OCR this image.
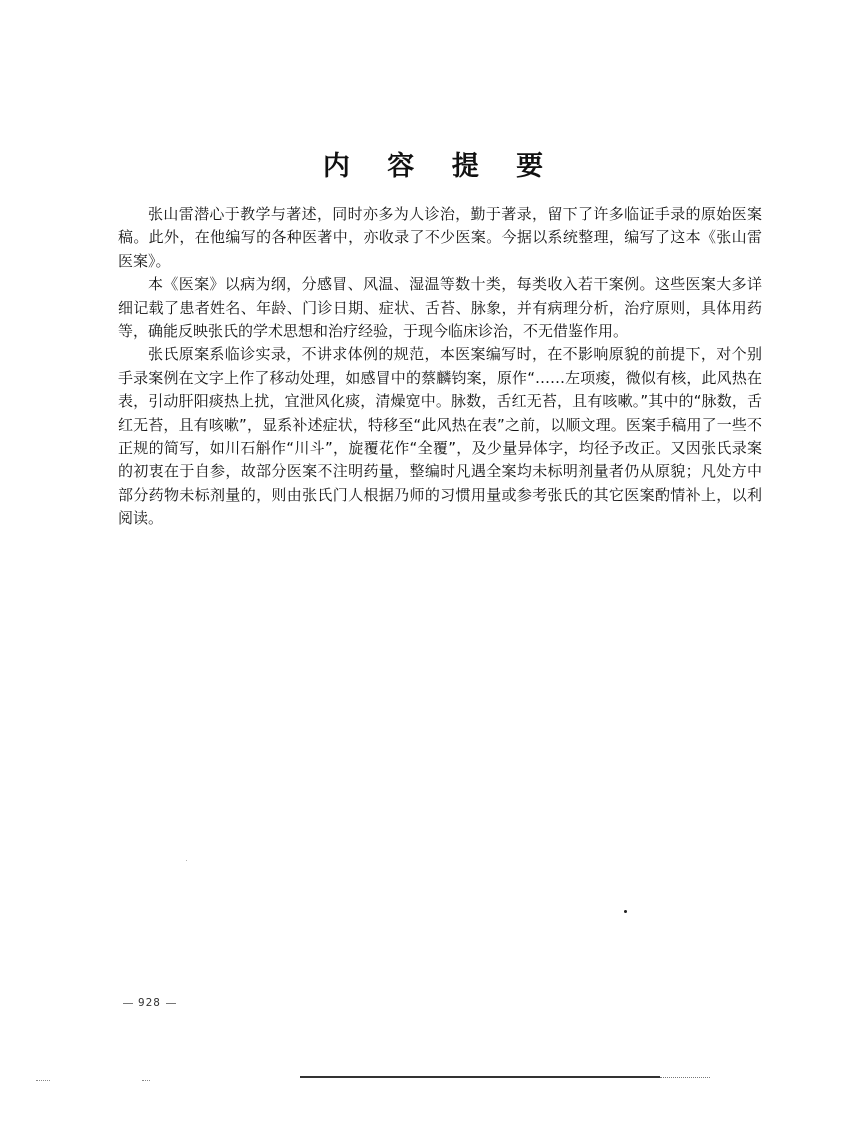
内 容 提 要

张山雷潜心于教学与著述，同时亦多为人诊治，勤于著录，留下了许多临证手录的原始医案稿。此外，在他编写的各种医著中，亦收录了不少医案。今据以系统整理，编写了这本《张山雷医案》。

本《医案》以病为纲，分感冒、风温、湿温等数十类，每类收入若干案例。这些医案大多详细记载了患者姓名、年龄、门诊日期、症状、舌苔、脉象，并有病理分析，治疗原则，具体用药等，确能反映张氏的学术思想和治疗经验，于现今临床诊治，不无借鉴作用。

张氏原案系临诊实录，不讲求体例的规范，本医案编写时，在不影响原貌的前提下，对个别手录案例在文字上作了移动处理，如感冒中的蔡麟钧案，原作“……左项痠，微似有核，此风热在表，引动肝阳痰热上扰，宜泄风化痰，清燥宽中。脉数，舌红无苔，且有咳嗽。”其中的“脉数，舌红无苔，且有咳嗽”，显系补述症状，特移至“此风热在表”之前，以顺文理。医案手稿用了一些不正规的简写，如川石斛作“川斗”，旋覆花作“全覆”，及少量异体字，均径予改正。又因张氏录案的初衷在于自参，故部分医案不注明药量，整编时凡遇全案均未标明剂量者仍从原貌；凡处方中部分药物未标剂量的，则由张氏门人根据乃师的习惯用量或参考张氏的其它医案酌情补上，以利阅读。

928
